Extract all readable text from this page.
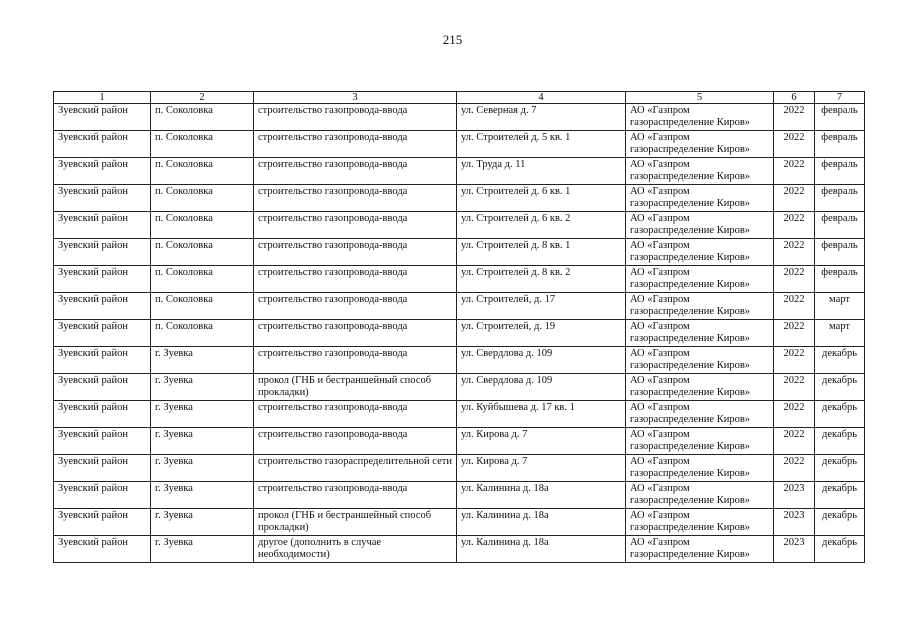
215
1	2	3	4	5	6	7
Зуевский район	п. Соколовка	строительство газопровода-ввода	ул. Северная д. 7	АО «Газпром газораспределение Киров»	2022	февраль
Зуевский район	п. Соколовка	строительство газопровода-ввода	ул. Строителей д. 5 кв. 1	АО «Газпром газораспределение Киров»	2022	февраль
Зуевский район	п. Соколовка	строительство газопровода-ввода	ул. Труда д. 11	АО «Газпром газораспределение Киров»	2022	февраль
Зуевский район	п. Соколовка	строительство газопровода-ввода	ул. Строителей д. 6 кв. 1	АО «Газпром газораспределение Киров»	2022	февраль
Зуевский район	п. Соколовка	строительство газопровода-ввода	ул. Строителей д. 6 кв. 2	АО «Газпром газораспределение Киров»	2022	февраль
Зуевский район	п. Соколовка	строительство газопровода-ввода	ул. Строителей д. 8 кв. 1	АО «Газпром газораспределение Киров»	2022	февраль
Зуевский район	п. Соколовка	строительство газопровода-ввода	ул. Строителей д. 8 кв. 2	АО «Газпром газораспределение Киров»	2022	февраль
Зуевский район	п. Соколовка	строительство газопровода-ввода	ул. Строителей, д. 17	АО «Газпром газораспределение Киров»	2022	март
Зуевский район	п. Соколовка	строительство газопровода-ввода	ул. Строителей, д. 19	АО «Газпром газораспределение Киров»	2022	март
Зуевский район	г. Зуевка	строительство газопровода-ввода	ул. Свердлова д. 109	АО «Газпром газораспределение Киров»	2022	декабрь
Зуевский район	г. Зуевка	прокол (ГНБ и бестраншейный способ прокладки)	ул. Свердлова д. 109	АО «Газпром газораспределение Киров»	2022	декабрь
Зуевский район	г. Зуевка	строительство газопровода-ввода	ул. Куйбышева д. 17 кв. 1	АО «Газпром газораспределение Киров»	2022	декабрь
Зуевский район	г. Зуевка	строительство газопровода-ввода	ул. Кирова д. 7	АО «Газпром газораспределение Киров»	2022	декабрь
Зуевский район	г. Зуевка	строительство газораспределительной сети	ул. Кирова д. 7	АО «Газпром газораспределение Киров»	2022	декабрь
Зуевский район	г. Зуевка	строительство газопровода-ввода	ул. Калинина д. 18а	АО «Газпром газораспределение Киров»	2023	декабрь
Зуевский район	г. Зуевка	прокол (ГНБ и бестраншейный способ прокладки)	ул. Калинина д. 18а	АО «Газпром газораспределение Киров»	2023	декабрь
Зуевский район	г. Зуевка	другое (дополнить в случае необходимости)	ул. Калинина д. 18а	АО «Газпром газораспределение Киров»	2023	декабрь
